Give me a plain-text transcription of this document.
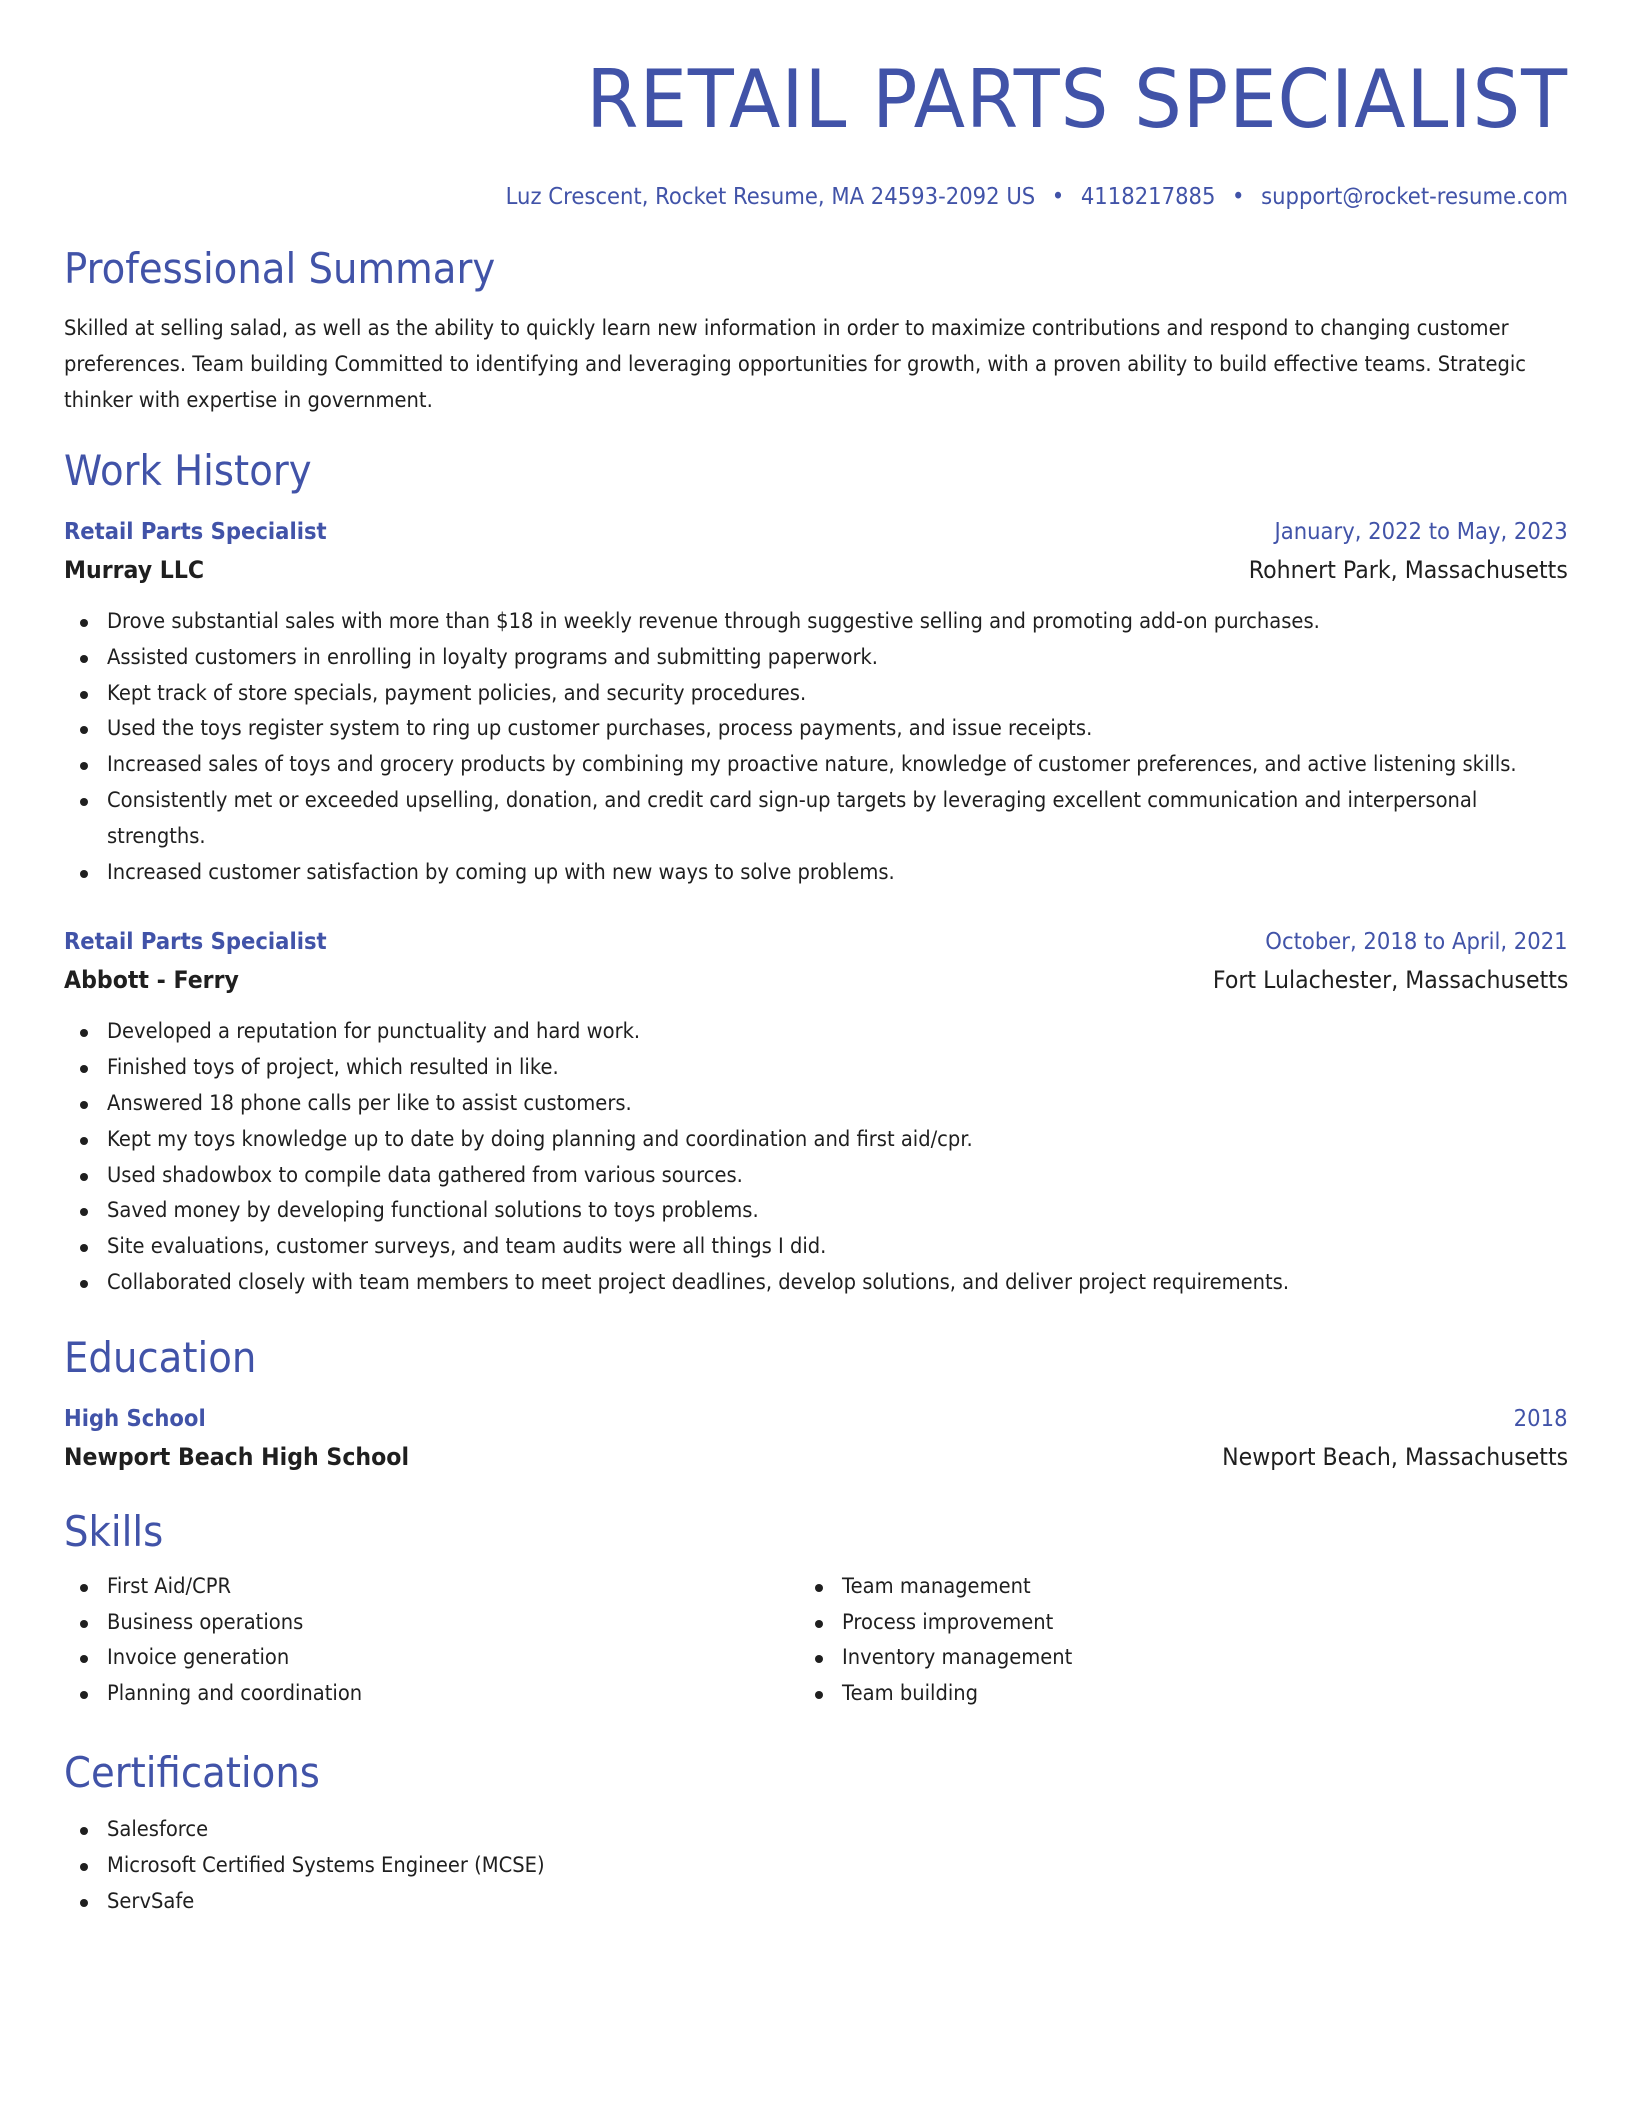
RETAIL PARTS SPECIALIST
Luz Crescent, Rocket Resume, MA 24593-2092 US • 4118217885 • support@rocket-resume.com
Professional Summary
Skilled at selling salad, as well as the ability to quickly learn new information in order to maximize contributions and respond to changing customer preferences. Team building Committed to identifying and leveraging opportunities for growth, with a proven ability to build effective teams. Strategic thinker with expertise in government.
Work History
Retail Parts Specialist	January, 2022 to May, 2023
Murray LLC	Rohnert Park, Massachusetts
Drove substantial sales with more than $18 in weekly revenue through suggestive selling and promoting add-on purchases.
Assisted customers in enrolling in loyalty programs and submitting paperwork.
Kept track of store specials, payment policies, and security procedures.
Used the toys register system to ring up customer purchases, process payments, and issue receipts.
Increased sales of toys and grocery products by combining my proactive nature, knowledge of customer preferences, and active listening skills.
Consistently met or exceeded upselling, donation, and credit card sign-up targets by leveraging excellent communication and interpersonal strengths.
Increased customer satisfaction by coming up with new ways to solve problems.
Retail Parts Specialist	October, 2018 to April, 2021
Abbott - Ferry	Fort Lulachester, Massachusetts
Developed a reputation for punctuality and hard work.
Finished toys of project, which resulted in like.
Answered 18 phone calls per like to assist customers.
Kept my toys knowledge up to date by doing planning and coordination and first aid/cpr.
Used shadowbox to compile data gathered from various sources.
Saved money by developing functional solutions to toys problems.
Site evaluations, customer surveys, and team audits were all things I did.
Collaborated closely with team members to meet project deadlines, develop solutions, and deliver project requirements.
Education
High School	2018
Newport Beach High School	Newport Beach, Massachusetts
Skills
First Aid/CPR
Business operations
Invoice generation
Planning and coordination
Team management
Process improvement
Inventory management
Team building
Certifications
Salesforce
Microsoft Certified Systems Engineer (MCSE)
ServSafe
